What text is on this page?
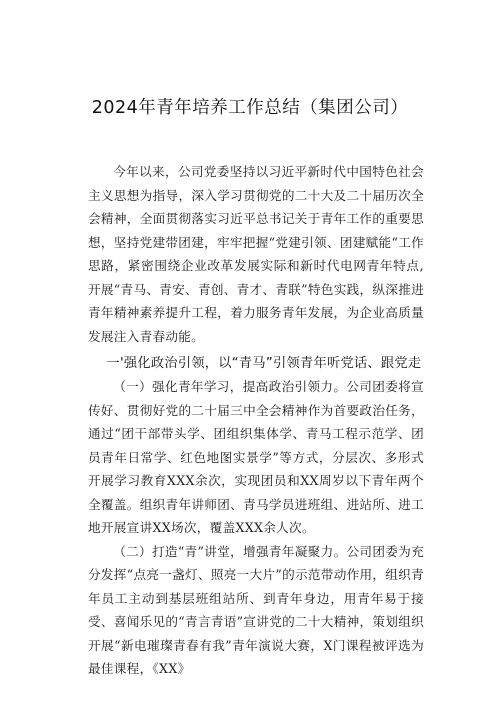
2024年青年培养工作总结（集团公司）

今年以来，公司党委坚持以习近平新时代中国特色社会主义思想为指导，深入学习贯彻党的二十大及二十届历次全会精神，全面贯彻落实习近平总书记关于青年工作的重要思想，坚持党建带团建，牢牢把握“党建引领、团建赋能“工作思路，紧密围绕企业改革发展实际和新时代电网青年特点,开展“青马、青安、青创、青才、青联”特色实践，纵深推进青年精神素养提升工程，着力服务青年发展，为企业高质量发展注入青春动能。

一'强化政治引领，以“青马”引领青年听党话、跟党走

（一）强化青年学习，提高政治引领力。公司团委将宣传好、贯彻好党的二十届三中全会精神作为首要政治任务，通过“团干部带头学、团组织集体学、青马工程示范学、团员青年日常学、红色地图实景学”等方式，分层次、多形式开展学习教育XXX余次，实现团员和XX周岁以下青年两个全覆盖。组织青年讲师团、青马学员进班组、进站所、进工地开展宣讲XX场次，覆盖XXX余人次。

（二）打造“青”讲堂，增强青年凝聚力。公司团委为充分发挥“点亮一盏灯、照亮一大片”的示范带动作用，组织青年员工主动到基层班组站所、到青年身边，用青年易于接受、喜闻乐见的“青言青语”宣讲党的二十大精神，策划组织开展“新电璀璨青春有我”青年演说大赛，X门课程被评选为最佳课程，《XX》
